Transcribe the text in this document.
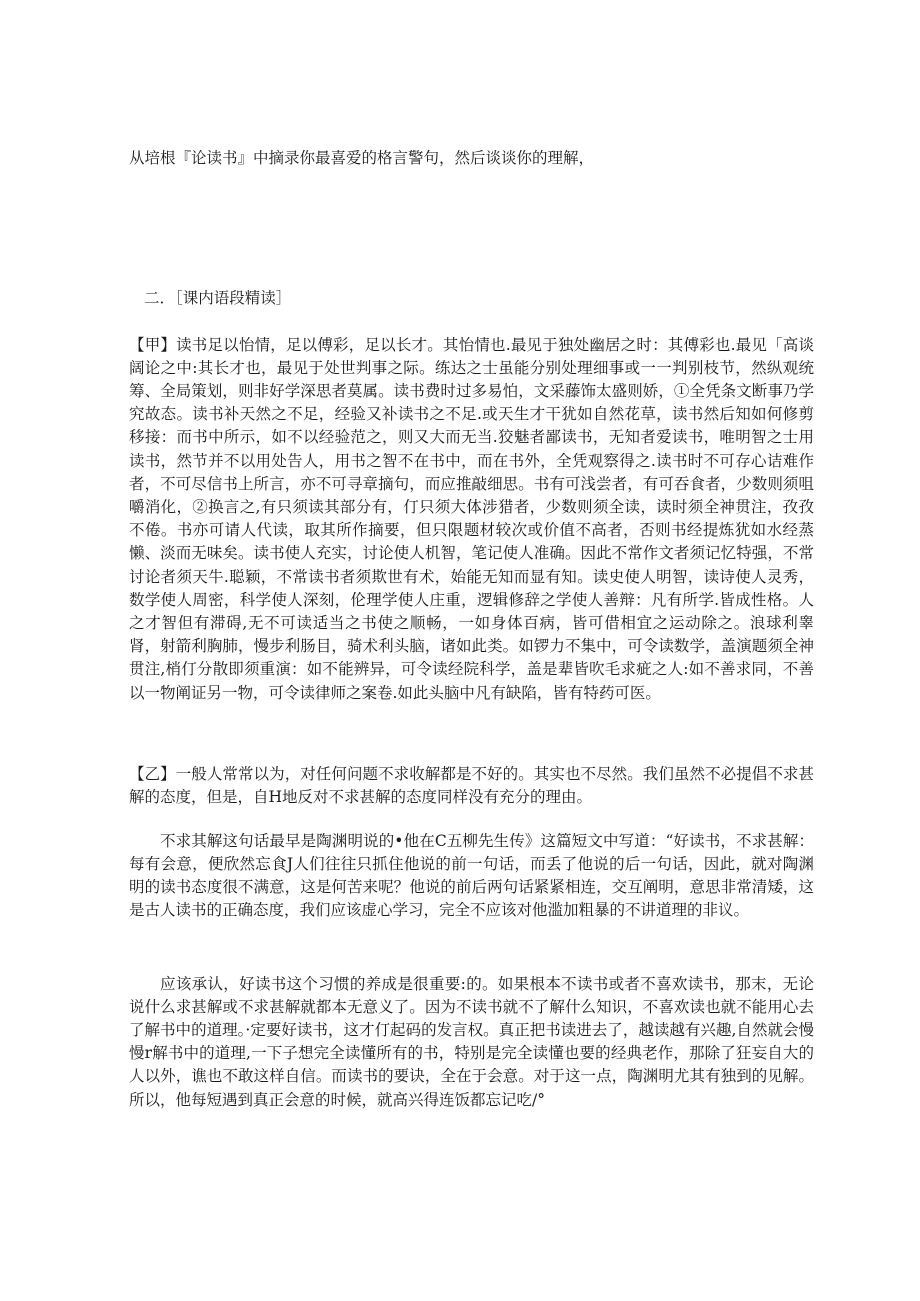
从培根『论读书』中摘录你最喜爱的格言警句，然后谈谈你的理解，

二．［课内语段精读］

【甲】读书足以怡情，足以傅彩，足以长才。其怡情也.最见于独处幽居之时：其傅彩也.最见「高谈阔论之中:其长才也，最见于处世判事之际。练达之士虽能分别处理细事或一一判别枝节，然纵观统筹、全局策划，则非好学深思者莫属。读书费时过多易怕，文采藤饰太盛则娇，①全凭条文断事乃学究故态。读书补天然之不足，经验又补读书之不足.或天生才干犹如自然花草，读书然后知如何修剪移接：而书中所示，如不以经验范之，则又大而无当.狡魅者鄙读书，无知者爱读书，唯明智之士用读书，然节并不以用处告人，用书之智不在书中，而在书外，全凭观察得之.读书时不可存心诘难作者，不可尽信书上所言，亦不可寻章摘句，而应推敲细思。书有可浅尝者，有可吞食者，少数则须咀嚼消化，②换言之,有只须读其部分有，仃只须大体涉猎者，少数则须全读，读时须全神贯注，孜孜不倦。书亦可请人代读，取其所作摘要，但只限题材较次或价值不高者，否则书经提炼犹如水经蒸懒、淡而无味矣。读书使人充实，讨论使人机智，笔记使人准确。因此不常作文者须记忆特强，不常讨论者须天牛.聪颖，不常读书者须欺世有术，始能无知而显有知。读史使人明智，读诗使人灵秀，数学使人周密，科学使人深刻，伦理学使人庄重，逻辑修辞之学使人善辩：凡有所学.皆成性格。人之才智但有滞碍,无不可读适当之书使之顺畅，一如身体百病，皆可借相宜之运动除之。浪球利睾肾，射箭利胸肺，慢步利肠目，骑术利头脑，诸如此类。如锣力不集中，可令读数学，盖演题须全神贯注,梢仃分散即须重演：如不能辨异，可令读经院科学，盖是辈皆吹毛求疵之人:如不善求同，不善以一物阐证另一物，可令读律师之案卷.如此头脑中凡有缺陷，皆有特药可医。

【乙】一般人常常以为，对任何问题不求收解都是不好的。其实也不尽然。我们虽然不必提倡不求甚解的态度，但是，自H地反对不求甚解的态度同样没有充分的理由。

不求其解这句话最早是陶渊明说的•他在C五柳先生传》这篇短文中写道：“好读书，不求甚解：每有会意，便欣然忘食J人们往往只抓住他说的前一句话，而丢了他说的后一句话，因此，就对陶渊明的读书态度很不满意，这是何苦来呢？他说的前后两句话紧紧相连，交互阐明，意思非常清矮，这是古人读书的正确态度，我们应该虚心学习，完全不应该对他滥加粗暴的不讲道理的非议。

应该承认，好读书这个习惯的养成是很重要:的。如果根本不读书或者不喜欢读书，那末，无论说什么求甚解或不求甚解就都本无意义了。因为不读书就不了解什么知识，不喜欢读也就不能用心去了解书中的道理。·定要好读书，这才仃起码的发言权。真正把书读进去了，越读越有兴趣,自然就会慢慢r解书中的道理,一下子想完全读懂所有的书，特别是完全读懂也要的经典老作，那除了狂妄自大的人以外，谯也不敢这样自信。而读书的要诀，全在于会意。对于这一点，陶渊明尤其有独到的见解。所以，他每短遇到真正会意的时候，就高兴得连饭都忘记吃/°
